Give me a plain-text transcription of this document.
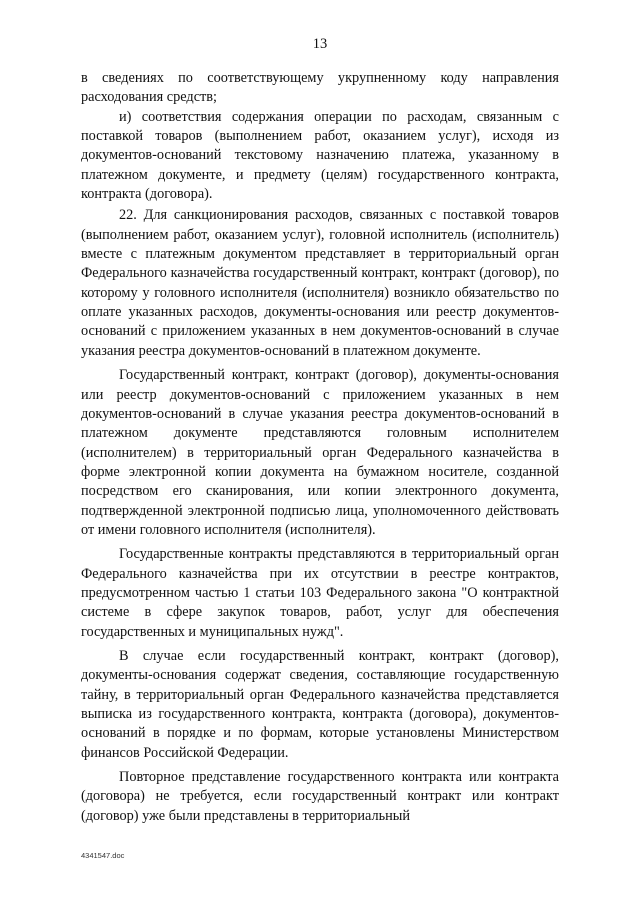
13

в сведениях по соответствующему укрупненному коду направления расходования средств;

и) соответствия содержания операции по расходам, связанным с поставкой товаров (выполнением работ, оказанием услуг), исходя из документов-оснований текстовому назначению платежа, указанному в платежном документе, и предмету (целям) государственного контракта, контракта (договора).

22. Для санкционирования расходов, связанных с поставкой товаров (выполнением работ, оказанием услуг), головной исполнитель (исполнитель) вместе с платежным документом представляет в территориальный орган Федерального казначейства государственный контракт, контракт (договор), по которому у головного исполнителя (исполнителя) возникло обязательство по оплате указанных расходов, документы-основания или реестр документов-оснований с приложением указанных в нем документов-оснований в случае указания реестра документов-оснований в платежном документе.

Государственный контракт, контракт (договор), документы-основания или реестр документов-оснований с приложением указанных в нем документов-оснований в случае указания реестра документов-оснований в платежном документе представляются головным исполнителем (исполнителем) в территориальный орган Федерального казначейства в форме электронной копии документа на бумажном носителе, созданной посредством его сканирования, или копии электронного документа, подтвержденной электронной подписью лица, уполномоченного действовать от имени головного исполнителя (исполнителя).

Государственные контракты представляются в территориальный орган Федерального казначейства при их отсутствии в реестре контрактов, предусмотренном частью 1 статьи 103 Федерального закона "О контрактной системе в сфере закупок товаров, работ, услуг для обеспечения государственных и муниципальных нужд".

В случае если государственный контракт, контракт (договор), документы-основания содержат сведения, составляющие государственную тайну, в территориальный орган Федерального казначейства представляется выписка из государственного контракта, контракта (договора), документов-оснований в порядке и по формам, которые установлены Министерством финансов Российской Федерации.

Повторное представление государственного контракта или контракта (договора) не требуется, если государственный контракт или контракт (договор) уже были представлены в территориальный

4341547.doc
